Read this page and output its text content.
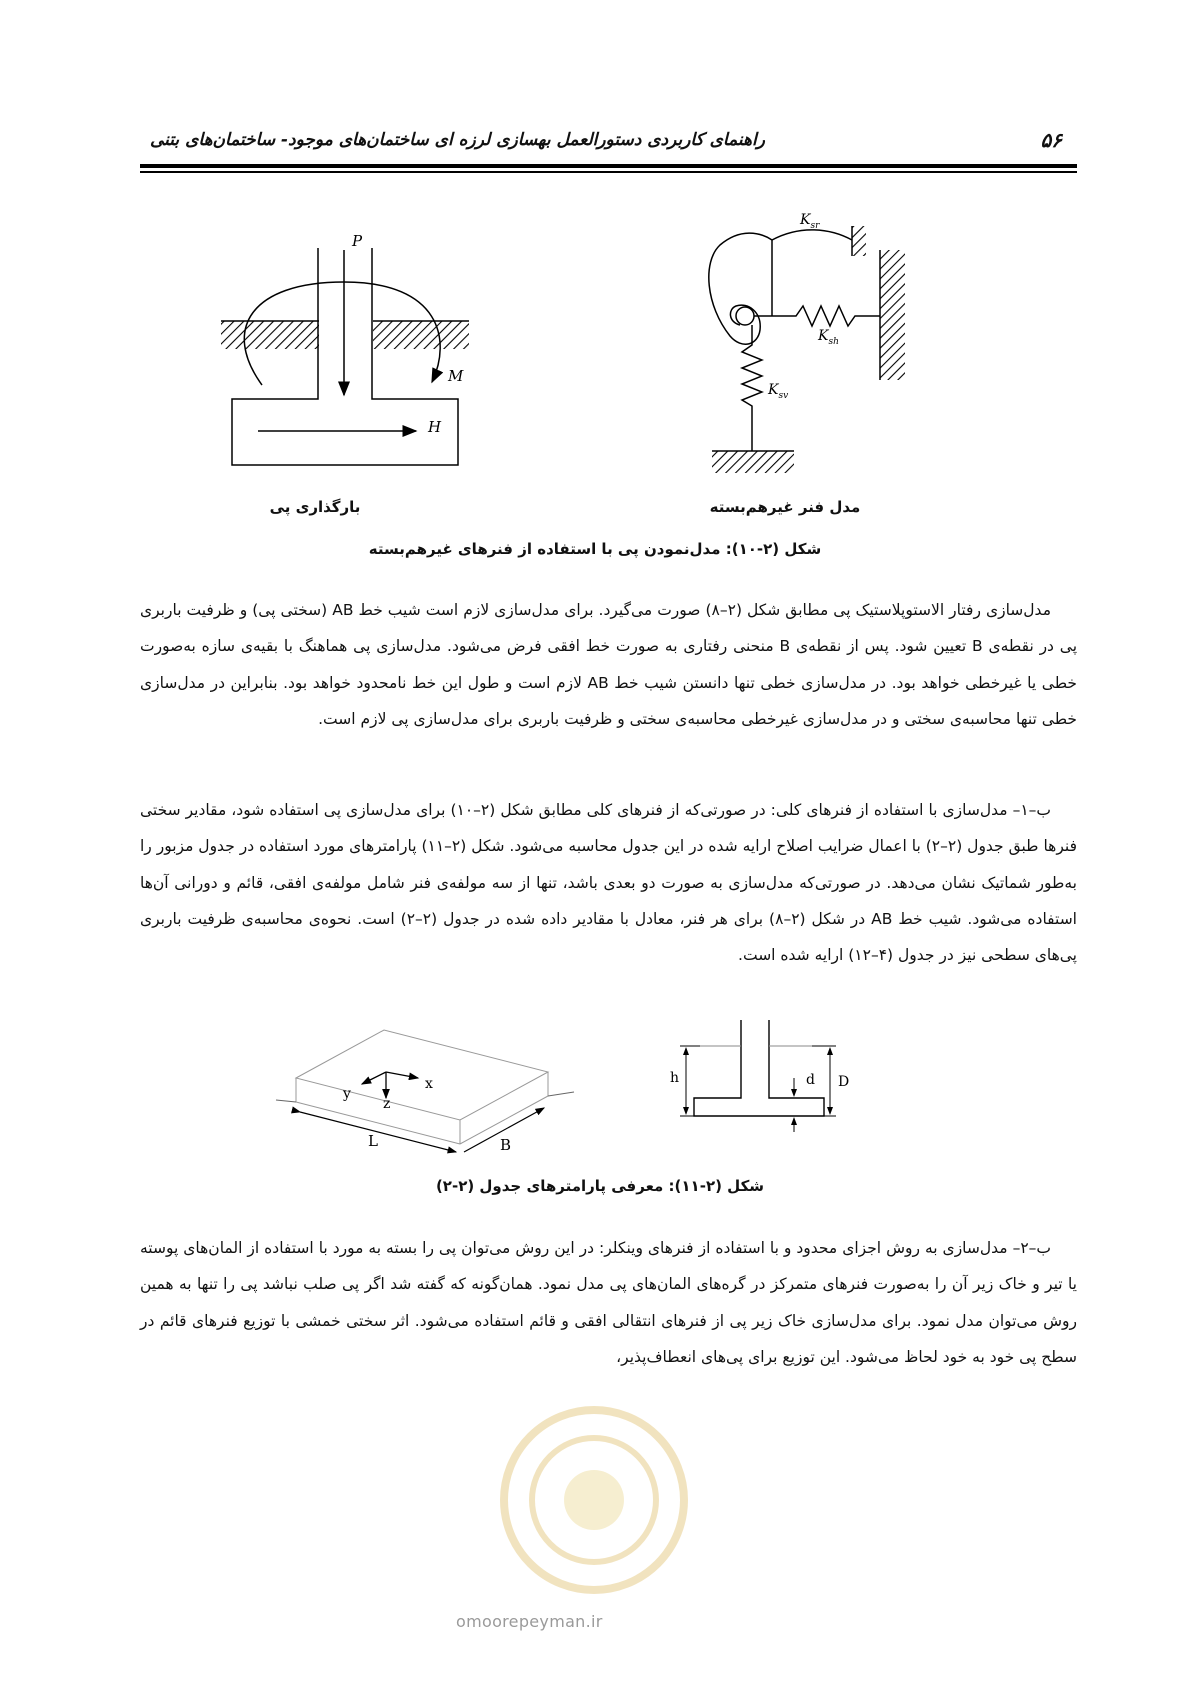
۵۶
راهنمای کاربردی دستورالعمل بهسازی لرزه ای ساختمان‌های موجود- ساختمان‌های بتنی
P
M
H
$K_{sr}$
$K_{sh}$
$K_{sv}$
بارگذاری پی	مدل فنر غیرهم‌بسته
شکل (۲-۱۰): مدل‌نمودن پی با استفاده از فنرهای غیرهم‌بسته

مدل‌سازی رفتار الاستوپلاستیک پی مطابق شکل (۲–۸) صورت می‌گیرد. برای مدل‌سازی لازم است شیب خط AB (سختی پی) و ظرفیت باربری پی در نقطه‌ی B تعیین شود. پس از نقطه‌ی B منحنی رفتاری به صورت خط افقی فرض می‌شود. مدل‌سازی پی هماهنگ با بقیه‌ی سازه به‌صورت خطی یا غیرخطی خواهد بود. در مدل‌سازی خطی تنها دانستن شیب خط AB لازم است و طول این خط نامحدود خواهد بود. بنابراین در مدل‌سازی خطی تنها محاسبه‌ی سختی و در مدل‌سازی غیرخطی محاسبه‌ی سختی و ظرفیت باربری برای مدل‌سازی پی لازم است.

ب–۱– مدل‌سازی با استفاده از فنرهای کلی: در صورتی‌که از فنرهای کلی مطابق شکل (۲–۱۰) برای مدل‌سازی پی استفاده شود، مقادیر سختی فنرها طبق جدول (۲–۲) با اعمال ضرایب اصلاح ارایه شده در این جدول محاسبه می‌شود. شکل (۲–۱۱) پارامترهای مورد استفاده در جدول مزبور را به‌طور شماتیک نشان می‌دهد. در صورتی‌که مدل‌سازی به صورت دو بعدی باشد، تنها از سه مولفه‌ی فنر شامل مولفه‌ی افقی، قائم و دورانی آن‌ها استفاده می‌شود. شیب خط AB در شکل (۲–۸) برای هر فنر، معادل با مقادیر داده شده در جدول (۲–۲) است. نحوه‌ی محاسبه‌ی ظرفیت باربری پی‌های سطحی نیز در جدول (۴–۱۲) ارایه شده است.

y
x
z
L	B
h	D
d
شکل (۲-۱۱): معرفی پارامترهای جدول (۲-۲)

ب–۲– مدل‌سازی به روش اجزای محدود و با استفاده از فنرهای وینکلر: در این روش می‌توان پی را بسته به مورد با استفاده از المان‌های پوسته یا تیر و خاک زیر آن را به‌صورت فنرهای متمرکز در گره‌های المان‌های پی مدل نمود. همان‌گونه که گفته شد اگر پی صلب نباشد پی را تنها به همین روش می‌توان مدل نمود. برای مدل‌سازی خاک زیر پی از فنرهای انتقالی افقی و قائم استفاده می‌شود. اثر سختی خمشی با توزیع فنرهای قائم در سطح پی خود به خود لحاظ می‌شود. این توزیع برای پی‌های انعطاف‌پذیر،

omoorepeyman.ir
